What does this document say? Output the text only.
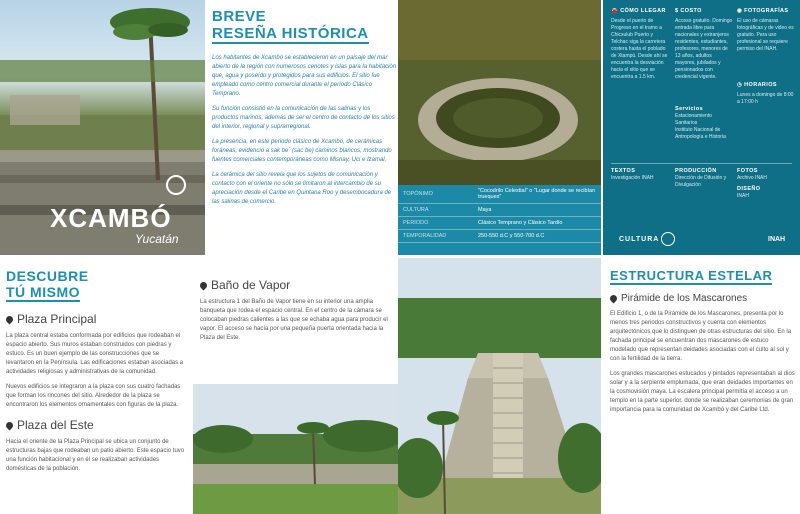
XCAMBÓ
Yucatán
BREVE
RESEÑA HISTÓRICA

Los habitantes de Xcambó se establecieron en un paisaje del mar abierto de la región con numerosos cenotes y islas para la habitación que, agua y poseído y protegidos para sus edificios. El sitio fue empleado como centro comercial durante el período Clásico Temprano.

Su función consistió en la comunicación de las salinas y los productos marinos, además de ser el centro de contacto de los sitios del interior, regional y suprarregional.

La presencia, en este periodo clásico de Xcambó, de cerámicas foráneas, evidenció a sak be´ (sac be) caminos blancos, mostrando fuentes comerciales contemporáneas como Misnay, Uci e Izamal.

La cerámica del sitio revela que los sujetos de comunicación y contacto con el oriente no sólo se limitaron al intercambio de su apreciación desde el Caribe en Quintana Roo y desembocadura de las salinas de comercio.

TOPÓNIMO	"Cocodrilo Celestial" o "Lugar donde se recibían trueques"
CULTURA	Maya
PERIODO	Clásico Temprano y Clásico Tardío
TEMPORALIDAD	250-550 d.C y 550-700 d.C
🚘 CÓMO LLEGAR
Desde el puerto de Progreso en el tramo a Chicxulub Puerto y Telchac siga la carretera costera hasta el poblado de Xtampú. Desde ahí se encuentra la desviación hacia el sitio que se encuentra a 1.5 km.
$ COSTO
Acceso gratuito. Domingo entrada libre para nacionales y extranjeros residentes, estudiantes, profesores, menores de 13 años, adultos mayores, jubilados y pensionados con credencial vigente.
◉ FOTOGRAFÍAS
El uso de cámaras fotográficas y de video es gratuito. Para uso profesional se requiere permiso del INAH.
◷ HORARIOS
Lunes a domingo de 8:00 a 17:00 h
Servicios
Estacionamiento
Sanitarios
Instituto Nacional de Antropología e Historia
TEXTOS
Investigación INAH
PRODUCCIÓN
Dirección de Difusión y Divulgación
FOTOS
Archivo INAH
DISEÑO
INAH
CULTURA	INAH
DESCUBRE
TÚ MISMO
Plaza Principal

La plaza central estaba conformada por edificios que rodeaban el espacio abierto. Sus muros estaban construidos con piedras y estuco. Es un buen ejemplo de las construcciones que se levantaron en la Península. Las edificaciones estaban asociadas a actividades religiosas y administrativas de la comunidad.

Nuevos edificios se integraron a la plaza con sus cuatro fachadas que forman los rincones del sitio. Alrededor de la plaza se encontraron los elementos ornamentales con figuras de la plaza.

Plaza del Este

Hacia el oriente de la Plaza Principal se ubica un conjunto de estructuras bajas que rodeaban un patio abierto. Este espacio tuvo una función habitacional y en él se realizaban actividades domésticas de la población.

Baño de Vapor

La estructura 1 del Baño de Vapor tiene en su interior una amplia banqueta que rodea el espacio central. En el centro de la cámara se colocaban piedras calientes a las que se echaba agua para producir el vapor. El acceso se hacía por una pequeña puerta orientada hacia la Plaza del Este.

ESTRUCTURA ESTELAR
Pirámide de los Mascarones

El Edificio 1, o de la Pirámide de los Mascarones, presenta por lo menos tres periodos constructivos y cuenta con elementos arquitectónicos que lo distinguen de otras estructuras del sitio. En la fachada principal se encuentran dos mascarones de estuco modelado que representan deidades asociadas con el culto al sol y con la fertilidad de la tierra.

Los grandes mascarones estucados y pintados representaban al dios solar y a la serpiente emplumada, que eran deidades importantes en la cosmovisión maya. La escalera principal permitía el acceso a un templo en la parte superior, donde se realizaban ceremonias de gran importancia para la comunidad de Xcambó y del Caribe Ltd.
